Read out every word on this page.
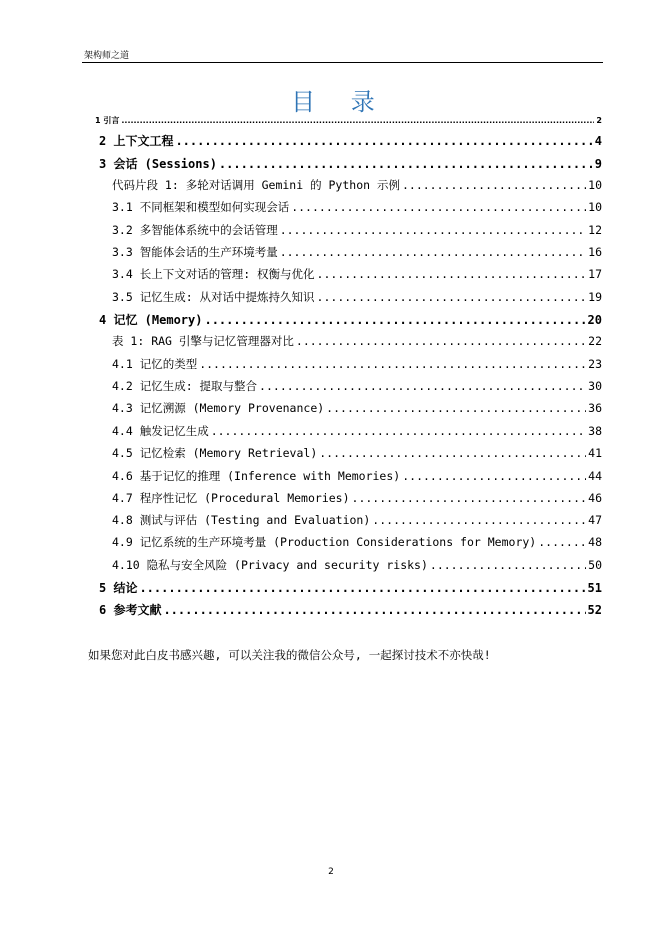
架构师之道
目 录
1 引言 .....	2
2 上下文工程 .....	4
3 会话 (Sessions) .....	9
代码片段 1: 多轮对话调用 Gemini 的 Python 示例 .....	10
3.1 不同框架和模型如何实现会话 .....	10
3.2 多智能体系统中的会话管理 .....	12
3.3 智能体会话的生产环境考量 .....	16
3.4 长上下文对话的管理: 权衡与优化 .....	17
3.5 记忆生成: 从对话中提炼持久知识 .....	19
4 记忆 (Memory) .....	20
表 1: RAG 引擎与记忆管理器对比 .....	22
4.1 记忆的类型 .....	23
4.2 记忆生成: 提取与整合 .....	30
4.3 记忆溯源 (Memory Provenance) .....	36
4.4 触发记忆生成 .....	38
4.5 记忆检索 (Memory Retrieval) .....	41
4.6 基于记忆的推理 (Inference with Memories) .....	44
4.7 程序性记忆 (Procedural Memories) .....	46
4.8 测试与评估 (Testing and Evaluation) .....	47
4.9 记忆系统的生产环境考量 (Production Considerations for Memory) .....	48
4.10 隐私与安全风险 (Privacy and security risks) .....	50
5 结论 .....	51
6 参考文献 .....	52
如果您对此白皮书感兴趣, 可以关注我的微信公众号, 一起探讨技术不亦快哉!
2
